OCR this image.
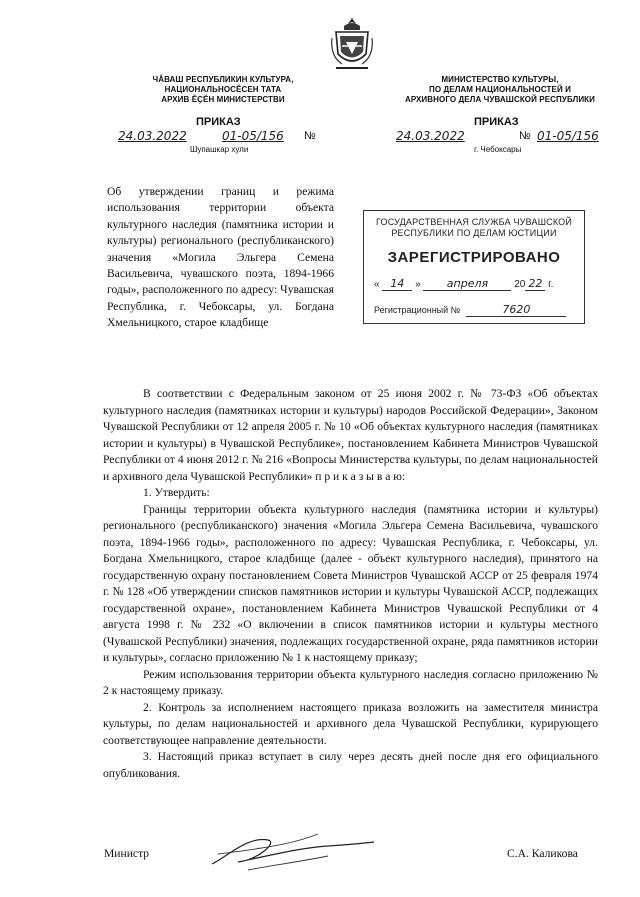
ЧӐВАШ РЕСПУБЛИКИН КУЛЬТУРА,
НАЦИОНАЛЬНОСĔСЕН ТАТА
АРХИВ ĔҪĔН МИНИСТЕРСТВИ
МИНИСТЕРСТВО КУЛЬТУРЫ,
ПО ДЕЛАМ НАЦИОНАЛЬНОСТЕЙ И
АРХИВНОГО ДЕЛА ЧУВАШСКОЙ РЕСПУБЛИКИ
ПРИКАЗ	ПРИКАЗ
24.03.2022	01-05/156 №	24.03.2022	№ 01-05/156
Шупашкар хули	г. Чебоксары
Об утверждении границ и режима использования территории объекта культурного наследия (памятника истории и культуры) регионального (республиканского) значения «Могила Эльгера Семена Васильевича, чувашского поэта, 1894-1966 годы», расположенного по адресу: Чувашская Республика, г. Чебоксары, ул. Богдана Хмельницкого, старое кладбище
ГОСУДАРСТВЕННАЯ СЛУЖБА ЧУВАШСКОЙ
РЕСПУБЛИКИ ПО ДЕЛАМ ЮСТИЦИИ
ЗАРЕГИСТРИРОВАНО
« 14 » апреля	20 22 г.
Регистрационный №	7620

В соответствии с Федеральным законом от 25 июня 2002 г. № 73-ФЗ «Об объектах культурного наследия (памятниках истории и культуры) народов Российской Федерации», Законом Чувашской Республики от 12 апреля 2005 г. № 10 «Об объектах культурного наследия (памятниках истории и культуры) в Чувашской Республике», постановлением Кабинета Министров Чувашской Республики от 4 июня 2012 г. № 216 «Вопросы Министерства культуры, по делам национальностей и архивного дела Чувашской Республики» п р и к а з ы в а ю:

1. Утвердить:

Границы территории объекта культурного наследия (памятника истории и культуры) регионального (республиканского) значения «Могила Эльгера Семена Васильевича, чувашского поэта, 1894-1966 годы», расположенного по адресу: Чувашская Республика, г. Чебоксары, ул. Богдана Хмельницкого, старое кладбище (далее - объект культурного наследия), принятого на государственную охрану постановлением Совета Министров Чувашской АССР от 25 февраля 1974 г. № 128 «Об утверждении списков памятников истории и культуры Чувашской АССР, подлежащих государственной охране», постановлением Кабинета Министров Чувашской Республики от 4 августа 1998 г. № 232 «О включении в список памятников истории и культуры местного (Чувашской Республики) значения, подлежащих государственной охране, ряда памятников истории и культуры», согласно приложению № 1 к настоящему приказу;

Режим использования территории объекта культурного наследия согласно приложению № 2 к настоящему приказу.

2. Контроль за исполнением настоящего приказа возложить на заместителя министра культуры, по делам национальностей и архивного дела Чувашской Республики, курирующего соответствующее направление деятельности.

3. Настоящий приказ вступает в силу через десять дней после дня его официального опубликования.

Министр	С.А. Каликова
